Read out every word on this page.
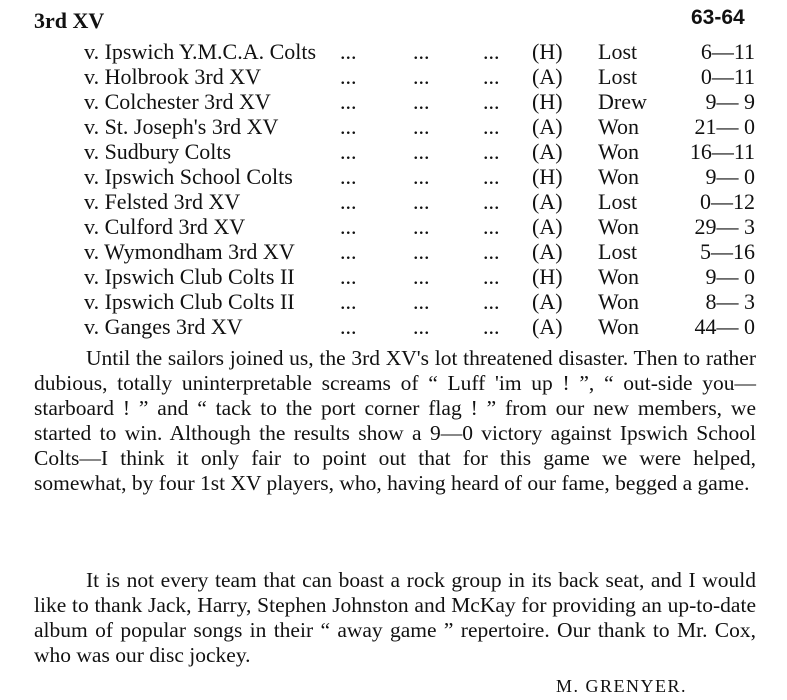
3rd XV	63-64
v. Ipswich Y.M.C.A. Colts ...	... ... (H) Lost	6—11
v. Holbrook 3rd XV	...	... ... (A) Lost	0—11
v. Colchester 3rd XV	...	... ... (H) Drew	9— 9
v. St. Joseph's 3rd XV	...	... ... (A) Won	21— 0
v. Sudbury Colts	...	... ... (A) Won 16—11
v. Ipswich School Colts ...	... ... (H) Won	9— 0
v. Felsted 3rd XV	...	... ... (A) Lost	0—12
v. Culford 3rd XV	...	... ... (A) Won	29— 3
v. Wymondham 3rd XV ...	... ... (A) Lost	5—16
v. Ipswich Club Colts II ...	... ... (H) Won	9— 0
v. Ipswich Club Colts II ...	... ... (A) Won	8— 3
v. Ganges 3rd XV	...	... ... (A) Won	44— 0

Until the sailors joined us, the 3rd XV's lot threatened disaster. Then to rather dubious, totally uninterpretable screams of “ Luff 'im up ! ”, “ out-side you—starboard ! ” and “ tack to the port corner flag ! ” from our new members, we started to win. Although the results show a 9—0 victory against Ipswich School Colts—I think it only fair to point out that for this game we were helped, somewhat, by four 1st XV players, who, having heard of our fame, begged a game.

It is not every team that can boast a rock group in its back seat, and I would like to thank Jack, Harry, Stephen Johnston and McKay for providing an up-to-date album of popular songs in their “ away game ” repertoire. Our thank to Mr. Cox, who was our disc jockey.

M. GRENYER.
